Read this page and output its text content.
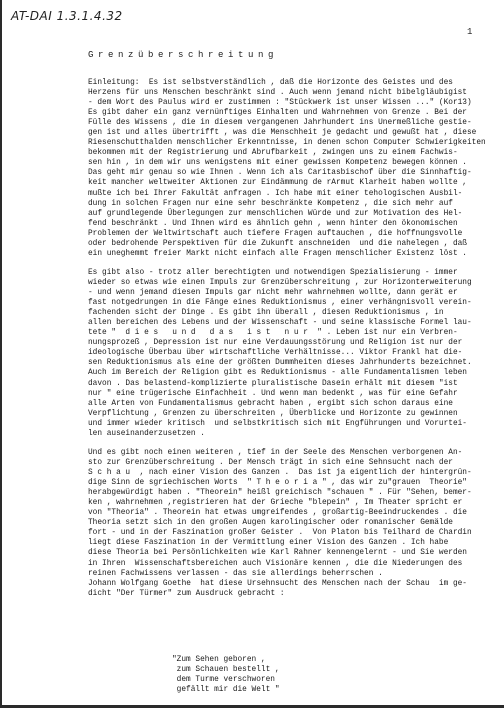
AT-DAI 1.3.1.4.32
1
Grenzüberschreitung
Einleitung:  Es ist selbstverständlich , daß die Horizonte des Geistes und des
Herzens für uns Menschen beschränkt sind . Auch wenn jemand nicht bibelgläubigist
- dem Wort des Paulus wird er zustimmen : "Stückwerk ist unser Wissen ..." (Kor13)
Es gibt daher ein ganz vernünftiges Einhalten und Wahrnehmen von Grenze . Bei der
Fülle des Wissens , die in diesem vergangenen Jahrhundert ins Unermeßliche gestie-
gen ist und alles übertrifft , was die Menschheit je gedacht und gewußt hat , diese
Riesenschutthalden menschlicher Erkenntnisse, in denen schon Computer Schwierigkeiten
bekommen mit der Registrierung und Abrufbarkeit , zwingen uns zu einem Fachwis-
sen hin , in dem wir uns wenigstens mit einer gewissen Kompetenz bewegen können .
Das geht mir genau so wie Ihnen . Wenn ich als Caritasbischof über die Sinnhaftig-
keit mancher weltweiter Aktionen zur Eindämmung de rArmut Klarheit haben wollte ,
mußte ich bei Ihrer Fakultät anfragen . Ich habe mit einer tehologischen Ausbil-
dung in solchen Fragen nur eine sehr beschränkte Kompetenz , die sich mehr auf
auf grundlegende Überlegungen zur menschlichen Würde und zur Motivation des Hel-
fend beschränkt . Und Ihnen wird es ähnlich gehn , wenn hinter den ökonomischen
Problemen der Weltwirtschaft auch tiefere Fragen auftauchen , die hoffnungsvolle
oder bedrohende Perspektiven für die Zukunft anschneiden  und die nahelegen , daß
ein uneghemmt freier Markt nicht einfach alle Fragen menschlicher Existenz löst .
Es gibt also - trotz aller berechtigten und notwendigen Spezialisierung - immer
wieder so etwas wie einen Impuls zur Grenzüberschreitung , zur Horizonterweiterung
- und wenn jemand diesen Impuls gar nicht mehr wahrnehmen wollte, dann gerät er
fast notgedrungen in die Fänge eines Reduktionismus , einer verhängnisvoll verein-
fachenden sicht der Dinge . Es gibt ihn überall , diesen Reduktionismus , in
allen bereichen des Lebens und der Wissenschaft - und seine klassische Formel lau-
tete "  d i e s   u n d   d a s   i s t   n u r  " . Leben ist nur ein Verbren-
nungsprozeß , Depression ist nur eine Verdauungsstörung und Religion ist nur der
ideologische Überbau über wirtschaftliche Verhältnisse... Viktor Frankl hat die-
sen Reduktionismus als eine der größten Dummheiten dieses Jahrhunderts bezeichnet.
Auch im Bereich der Religion gibt es Reduktionismus - alle Fundamentalismen leben
davon . Das belastend-komplizierte pluralistische Dasein erhält mit diesem "ist
nur " eine trügerische Einfachheit . Und wenn man bedenkt , was für eine Gefahr
alle Arten von Fundamentalismus gebracht haben , ergibt sich schon daraus eine
Verpflichtung , Grenzen zu überschreiten , Überblicke und Horizonte zu gewinnen
und immer wieder kritisch  und selbstkritisch sich mit Engführungen und Vorurtei-
len auseinanderzusetzen .
Und es gibt noch einen weiteren , tief in der Seele des Menschen verborgenen An-
sto zur Grenzüberschreitung . Der Mensch trägt in sich eine Sehnsucht nach der
S c h a u  , nach einer Vision des Ganzen .  Das ist ja eigentlich der hintergrün-
dige Sinn de sgriechischen Worts  " T h e o r i a " , das wir zu"grauen  Theorie"
herabgewürdigt haben . "Theorein" heißl greichisch "schauen " . Für "Sehen, bemer-
ken , wahrnehmen ,registrieren hat der Grieche "blepein" , Im Theater spricht er
von "Theoria" . Theorein hat etwas umgreifendes , großartig-Beeindruckendes . die
Theoria setzt sich in den großen Augen karolingischer oder romanischer Gemälde
fort - und in der Faszination großer Geister .  Von Platon bis Teilhard de Chardin
liegt diese Faszination in der Vermittlung einer Vision des Ganzen . Ich habe
diese Theoria bei Persönlichkeiten wie Karl Rahner kennengelernt - und Sie werden
in Ihren  Wissenschaftsbereichen auch Visionäre kennen , die die Niederungen des
reinen Fachwissens verlassen - das sie allerdings beherrschen .
Johann Wolfgang Goethe  hat diese Ursehnsucht des Menschen nach der Schau  im ge-
dicht "Der Türmer" zum Ausdruck gebracht :
"Zum Sehen geboren ,
zum Schauen bestellt ,
dem Turme verschworen
gefällt mir die Welt "
